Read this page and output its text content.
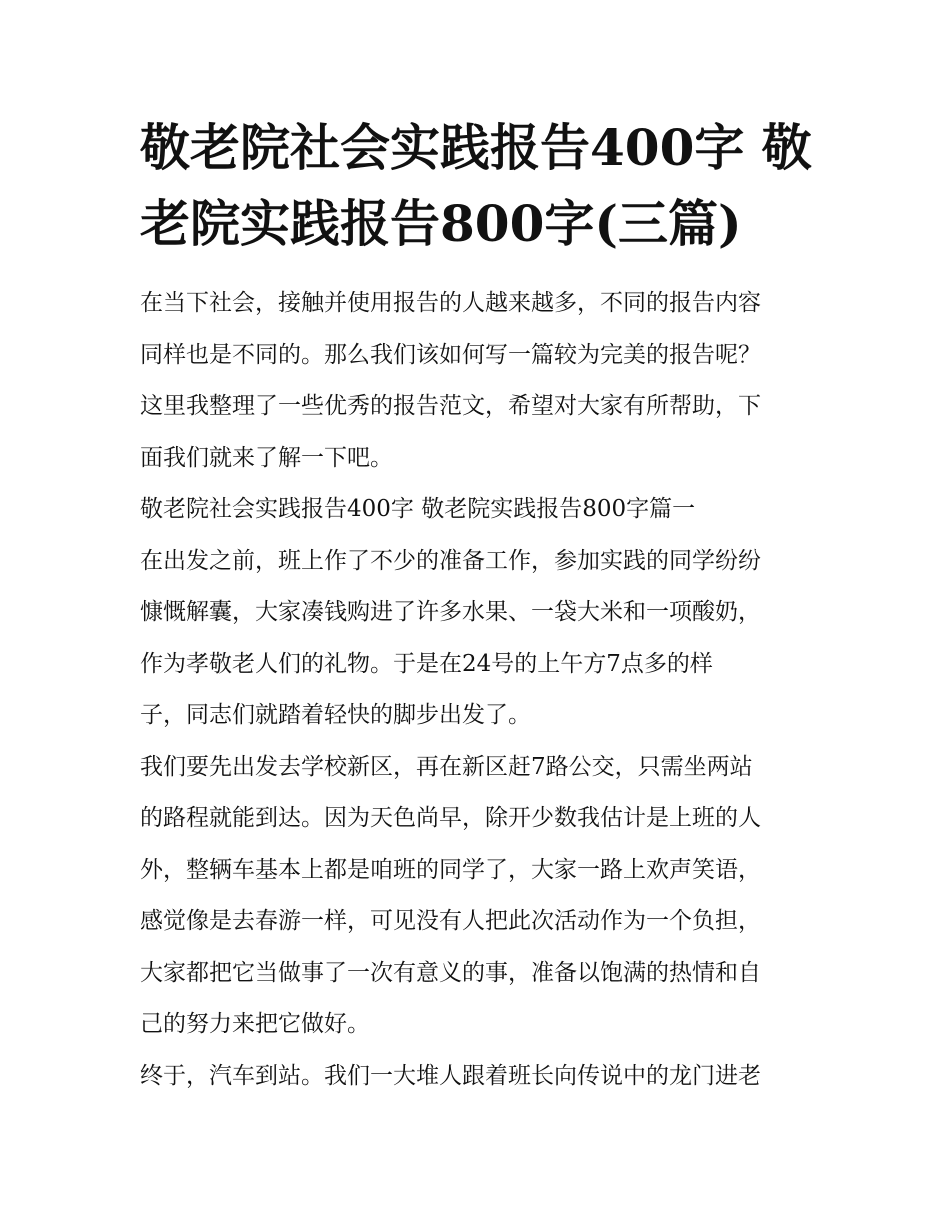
敬老院社会实践报告400字 敬
老院实践报告800字(三篇)
在当下社会，接触并使用报告的人越来越多，不同的报告内容
同样也是不同的。那么我们该如何写一篇较为完美的报告呢？
这里我整理了一些优秀的报告范文，希望对大家有所帮助，下
面我们就来了解一下吧。
敬老院社会实践报告400字 敬老院实践报告800字篇一
在出发之前，班上作了不少的准备工作，参加实践的同学纷纷
慷慨解囊，大家凑钱购进了许多水果、一袋大米和一项酸奶，
作为孝敬老人们的礼物。于是在24号的上午方7点多的样
子，同志们就踏着轻快的脚步出发了。
我们要先出发去学校新区，再在新区赶7路公交，只需坐两站
的路程就能到达。因为天色尚早，除开少数我估计是上班的人
外，整辆车基本上都是咱班的同学了，大家一路上欢声笑语，
感觉像是去春游一样，可见没有人把此次活动作为一个负担，
大家都把它当做事了一次有意义的事，准备以饱满的热情和自
己的努力来把它做好。
终于，汽车到站。我们一大堆人跟着班长向传说中的龙门进老
